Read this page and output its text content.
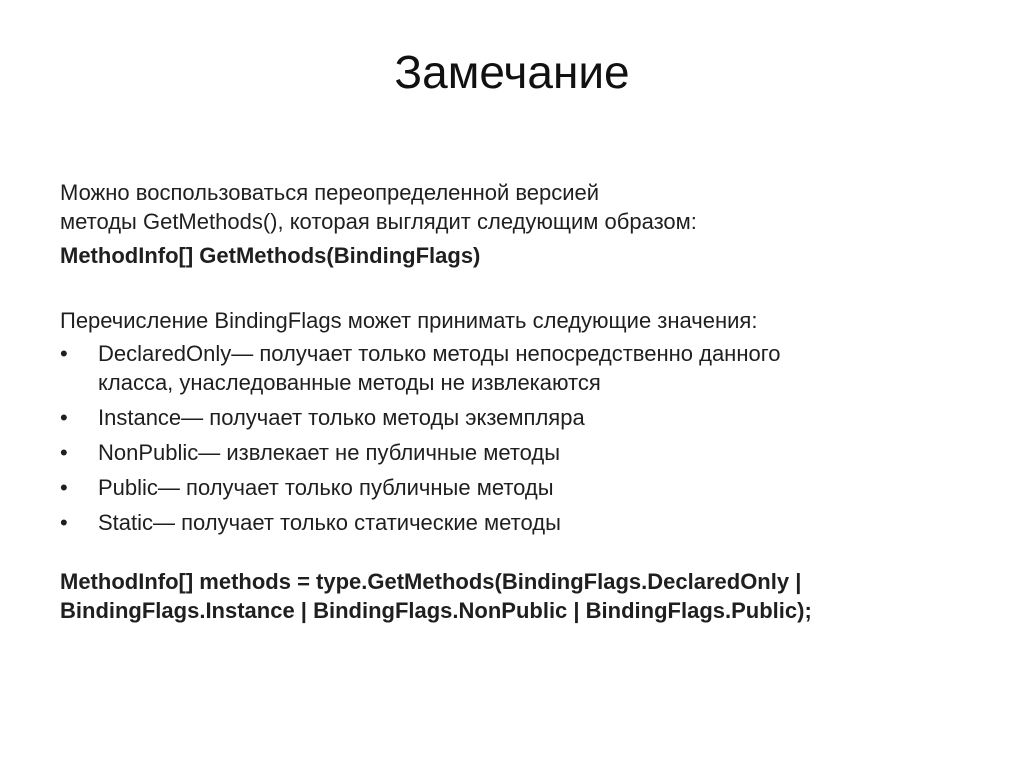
Замечание
Можно воспользоваться переопределенной версией
методы GetMethods(), которая выглядит следующим образом:
MethodInfo[] GetMethods(BindingFlags)
Перечисление BindingFlags может принимать следующие значения:
• DeclaredOnly— получает только методы непосредственно данного
класса, унаследованные методы не извлекаются
• Instance— получает только методы экземпляра
• NonPublic— извлекает не публичные методы
• Public— получает только публичные методы
• Static— получает только статические методы
MethodInfo[] methods = type.GetMethods(BindingFlags.DeclaredOnly |
BindingFlags.Instance | BindingFlags.NonPublic | BindingFlags.Public);
